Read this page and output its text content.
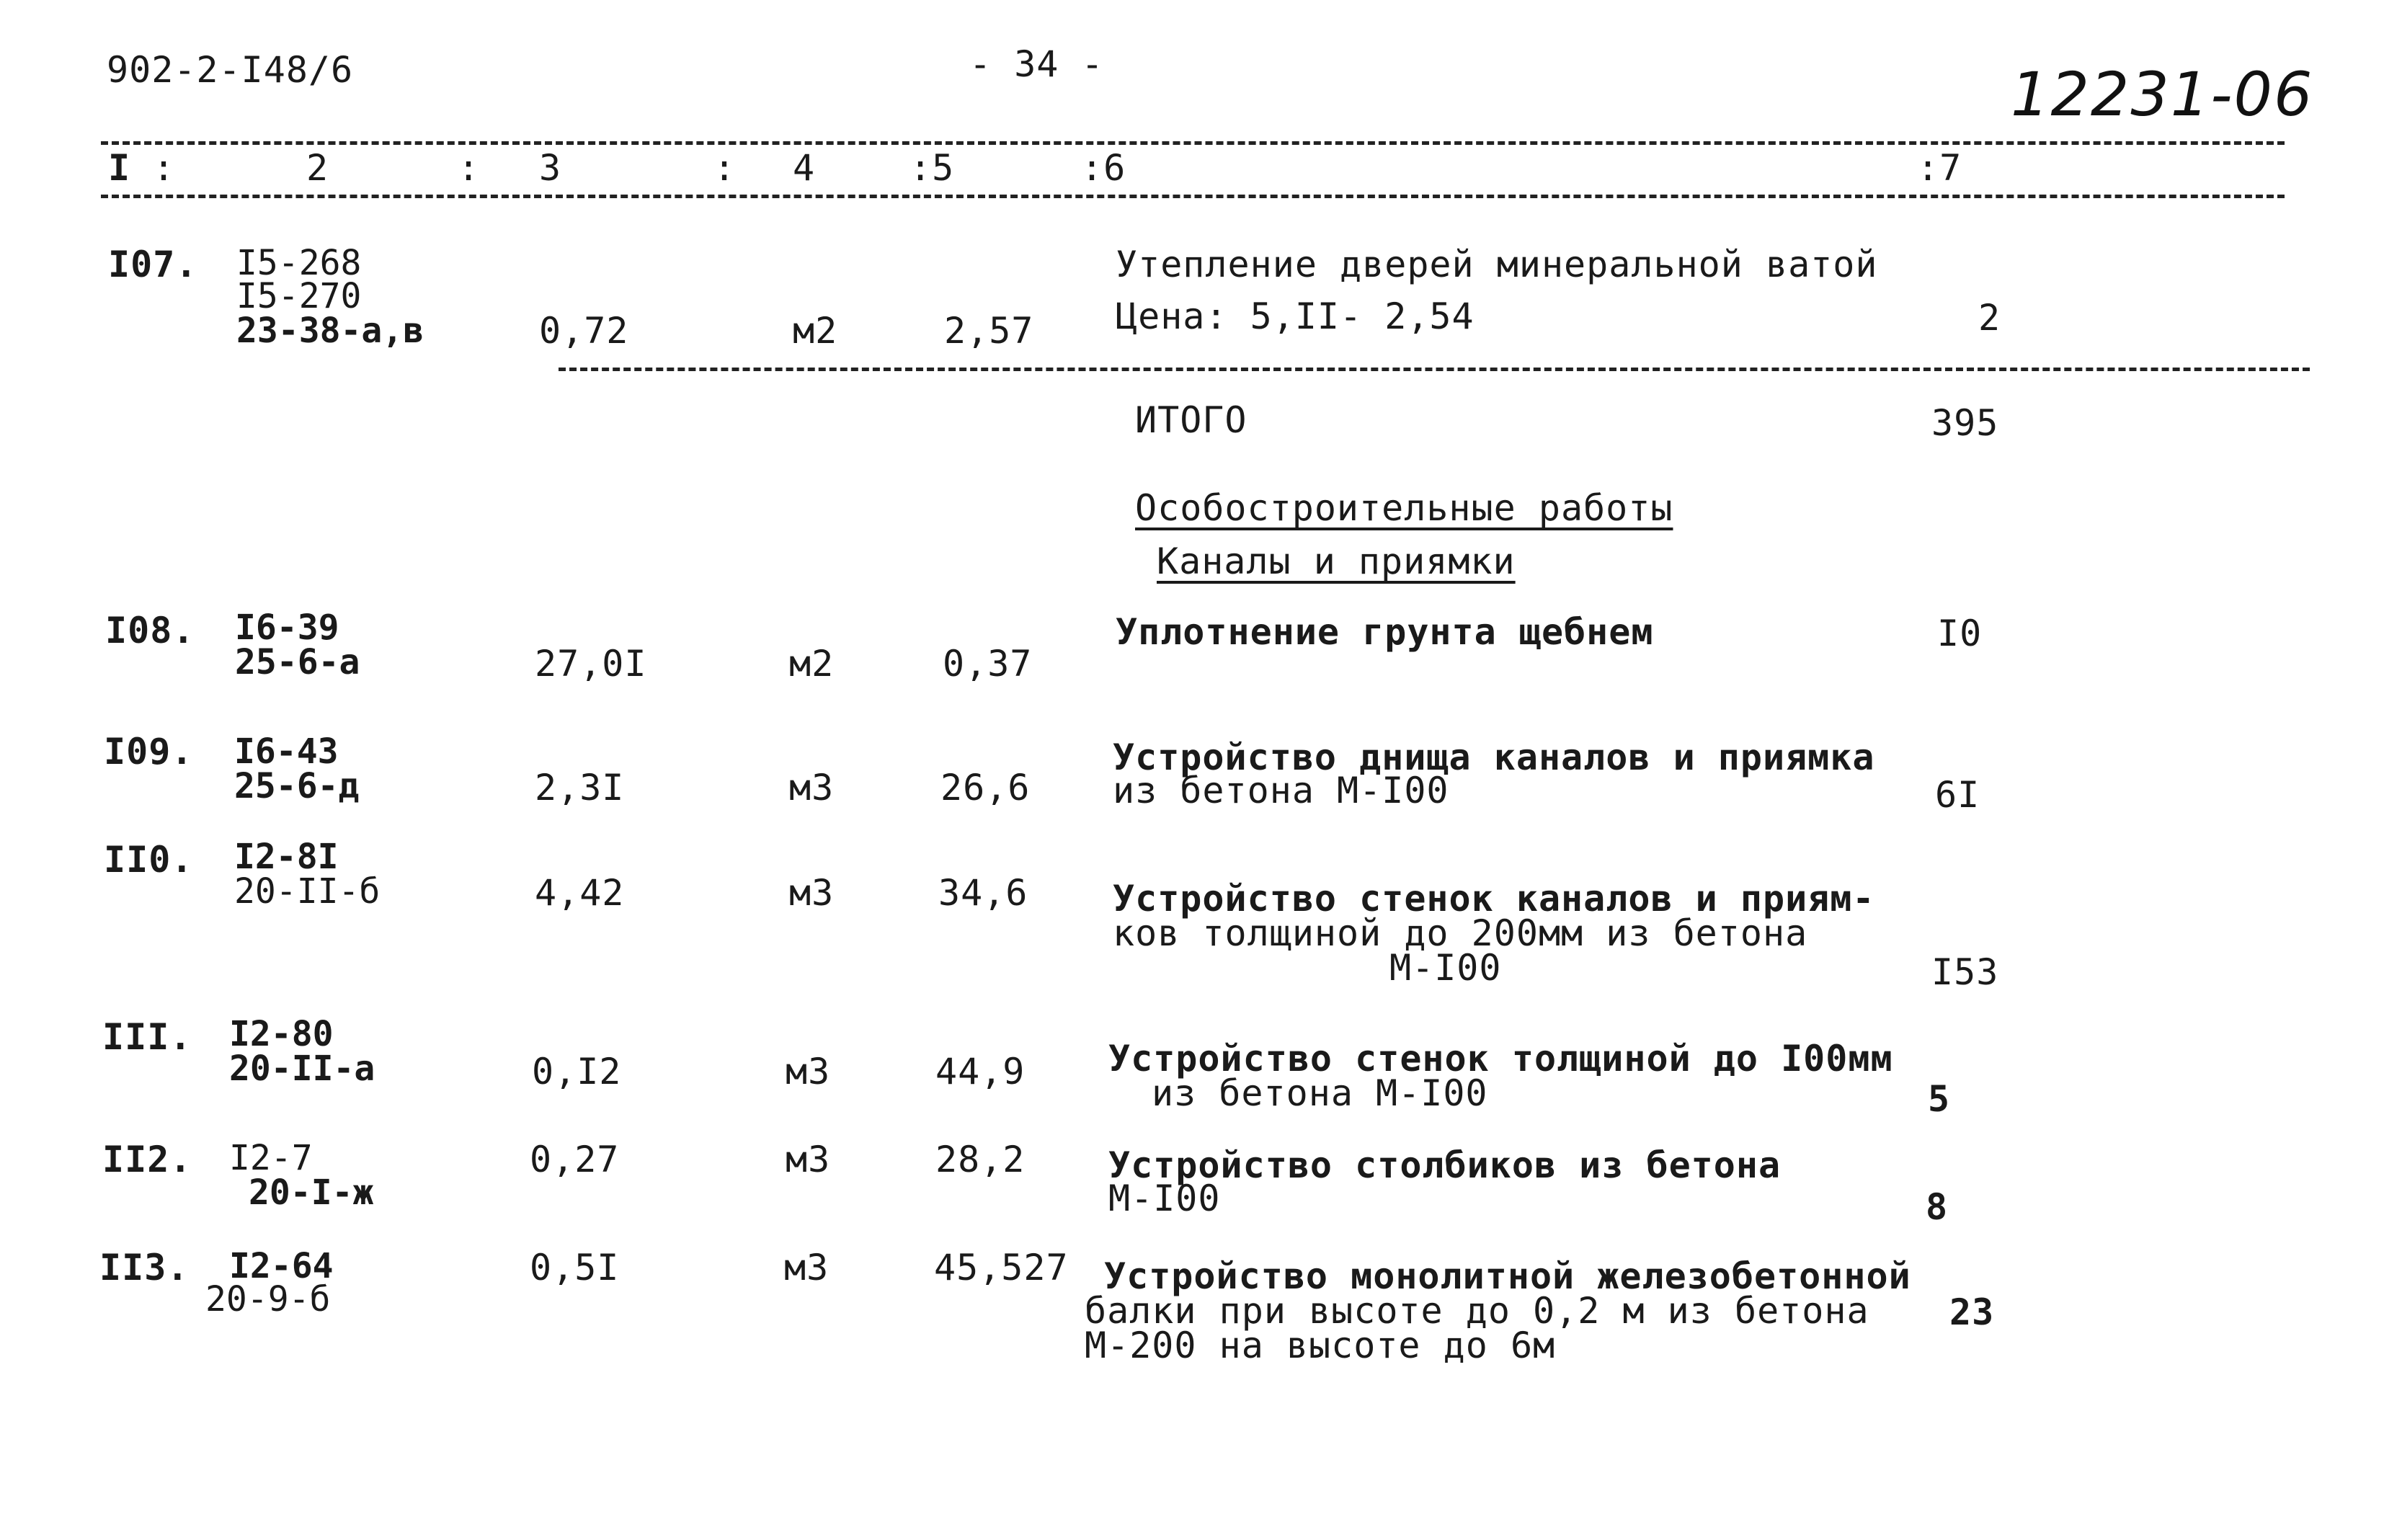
902-2-I48/6	- 34 -	12231-06
I :	2	: 3	: 4	:5	:6	:7
I07. I5-268
I5-270
23-38-а,в	0,72	м2	2,57
Утепление дверей минеральной ватой
Цена: 5,II- 2,54	2
ИТОГО	395
Особостроительные работы
Каналы и приямки
I08. I6-39
25-6-а	27,0I	м2	0,37
Уплотнение грунта щебнем	I0
I09. I6-43
25-6-д	2,3I	м3	26,6
Устройство днища каналов и приямка
из бетона М-I00	6I
II0. I2-8I
20-II-б	4,42	м3	34,6 Устройство стенок каналов и приям-
ков толщиной до 200мм из бетона
М-I00	I53
III. I2-80
20-II-а	0,I2	м3	44,9 Устройство стенок толщиной до I00мм
из бетона М-I00	5
II2. I2-7
20-I-ж
0,27	м3	28,2 Устройство столбиков из бетона
М-I00	8
II3. I2-64
20-9-б
0,5I	м3	45,527 Устройство монолитной железобетонной
балки при высоте до 0,2 м из бетона
М-200 на высоте до 6м
23
